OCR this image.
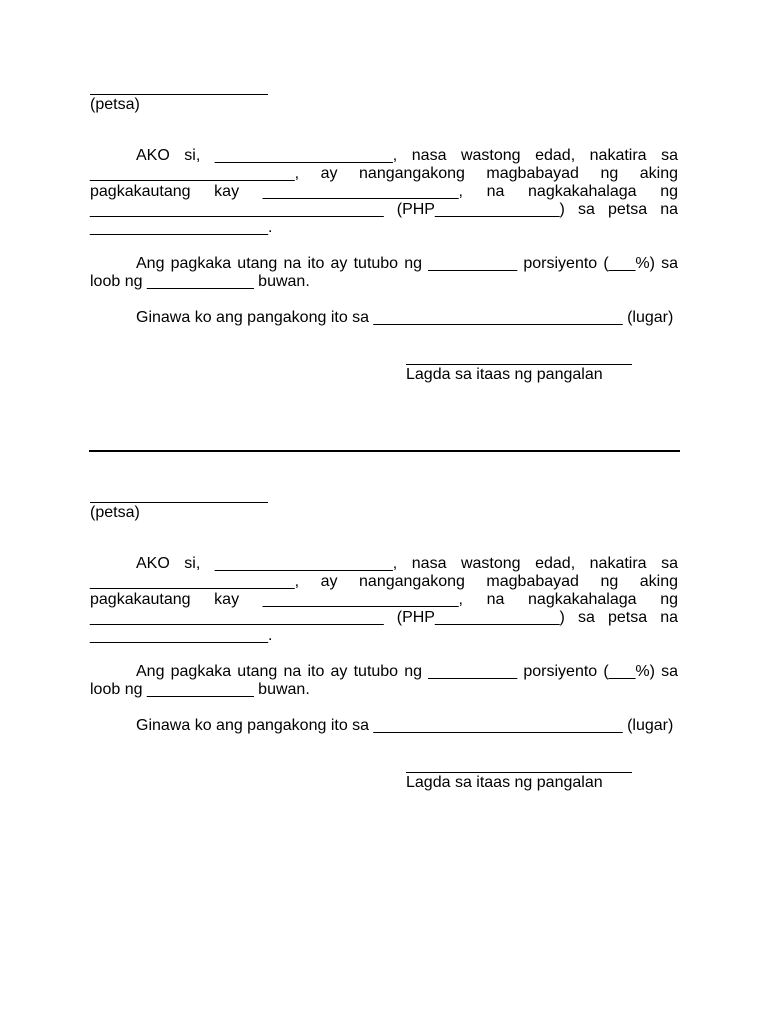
(petsa)

AKO si, ____________________, nasa wastong edad, nakatira sa _______________________, ay nangangakong magbabayad ng aking pagkakautang kay ______________________, na nagkakahalaga ng _________________________________ (PHP______________) sa petsa na ____________________.

Ang pagkaka utang na ito ay tutubo ng __________ porsiyento (___%) sa loob ng ____________ buwan.

Ginawa ko ang pangakong ito sa ____________________________ (lugar)

Lagda sa itaas ng pangalan
(petsa)

AKO si, ____________________, nasa wastong edad, nakatira sa _______________________, ay nangangakong magbabayad ng aking pagkakautang kay ______________________, na nagkakahalaga ng _________________________________ (PHP______________) sa petsa na ____________________.

Ang pagkaka utang na ito ay tutubo ng __________ porsiyento (___%) sa loob ng ____________ buwan.

Ginawa ko ang pangakong ito sa ____________________________ (lugar)

Lagda sa itaas ng pangalan
